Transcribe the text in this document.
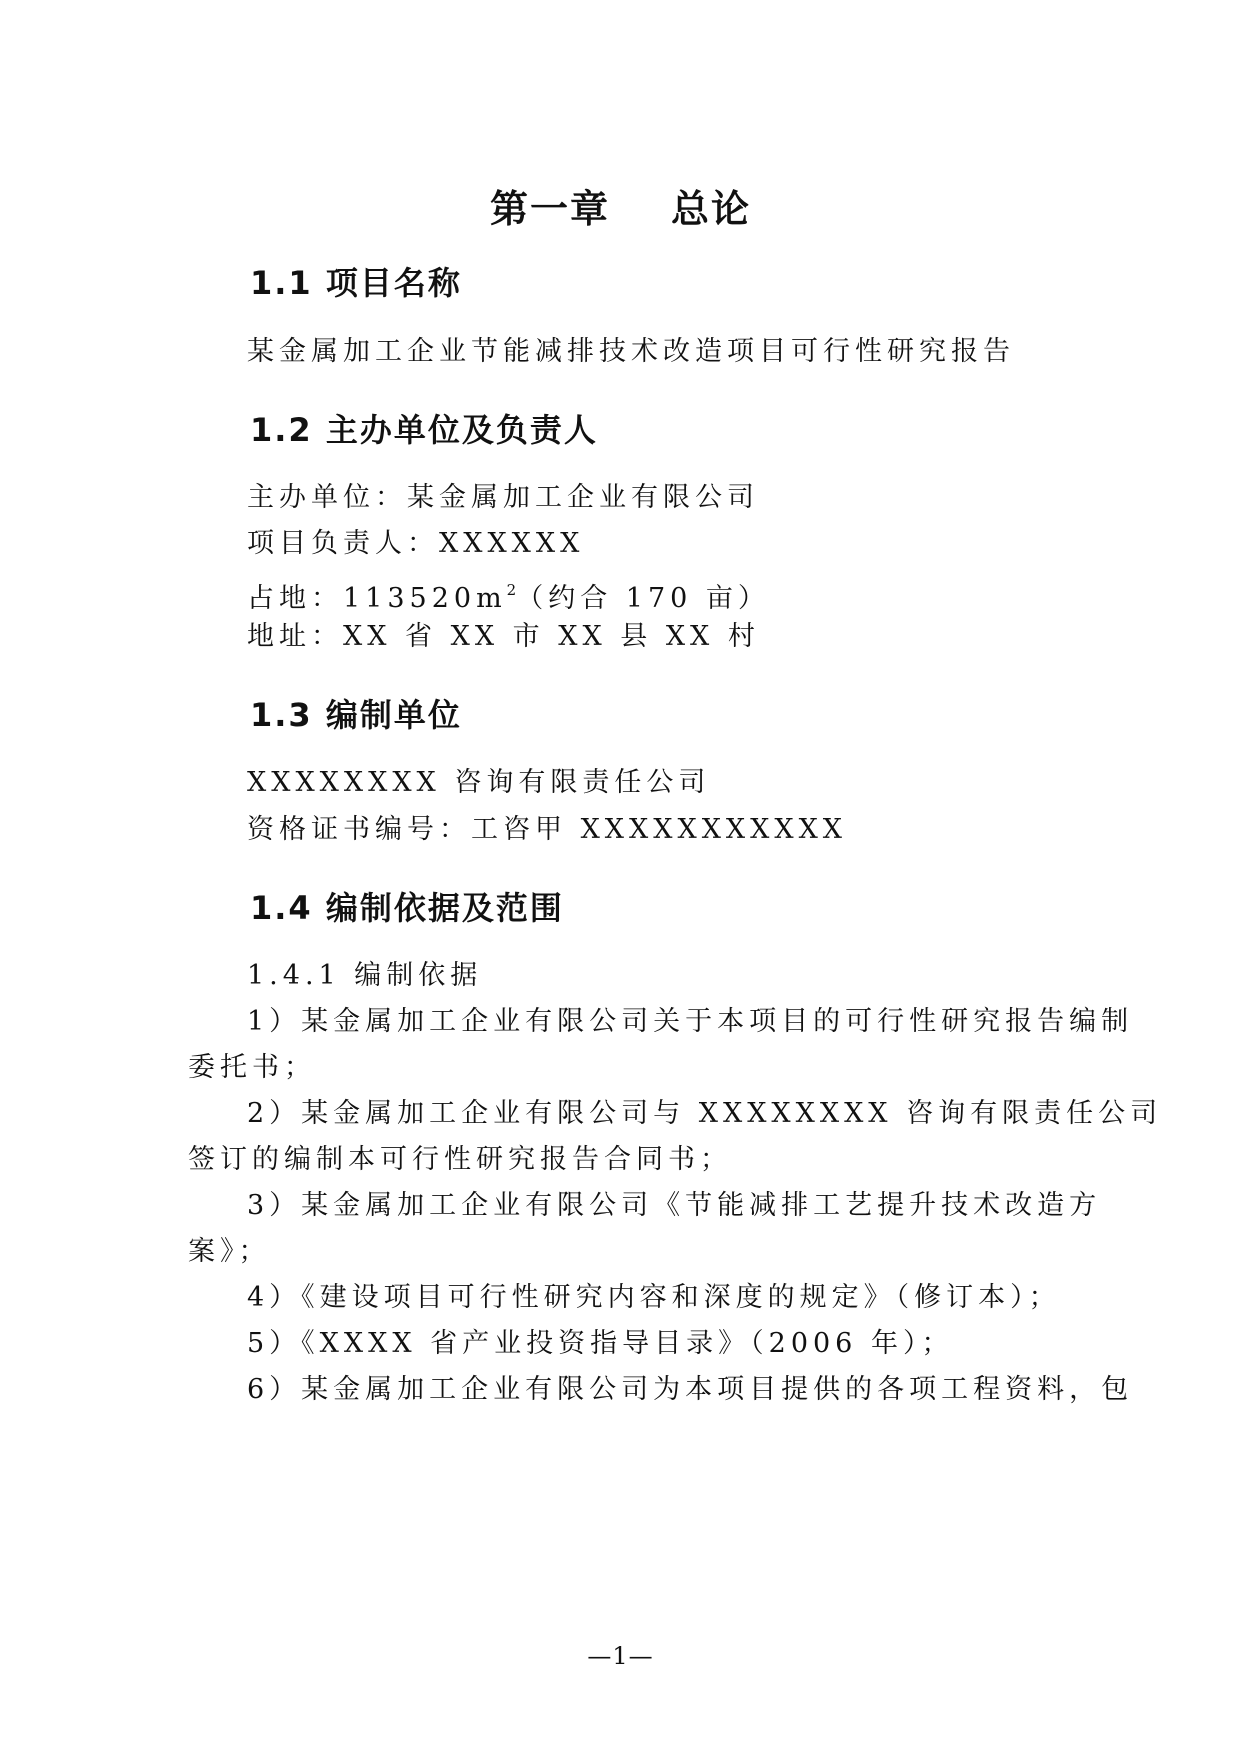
第一章    总论
1.1 项目名称
某金属加工企业节能减排技术改造项目可行性研究报告
1.2 主办单位及负责人
主办单位：某金属加工企业有限公司
项目负责人：XXXXXX
占地：$113520m^2$（约合 170 亩）
地址：XX 省 XX 市 XX 县 XX 村
1.3 编制单位
XXXXXXXX 咨询有限责任公司
资格证书编号：工咨甲 XXXXXXXXXXX
1.4 编制依据及范围
1.4.1 编制依据
1）某金属加工企业有限公司关于本项目的可行性研究报告编制
委托书；
2）某金属加工企业有限公司与 XXXXXXXX 咨询有限责任公司
签订的编制本可行性研究报告合同书；
3）某金属加工企业有限公司《节能减排工艺提升技术改造方
案》；
4）《建设项目可行性研究内容和深度的规定》（修订本）；
5）《XXXX 省产业投资指导目录》（2006 年）；
6）某金属加工企业有限公司为本项目提供的各项工程资料，包
—1—
